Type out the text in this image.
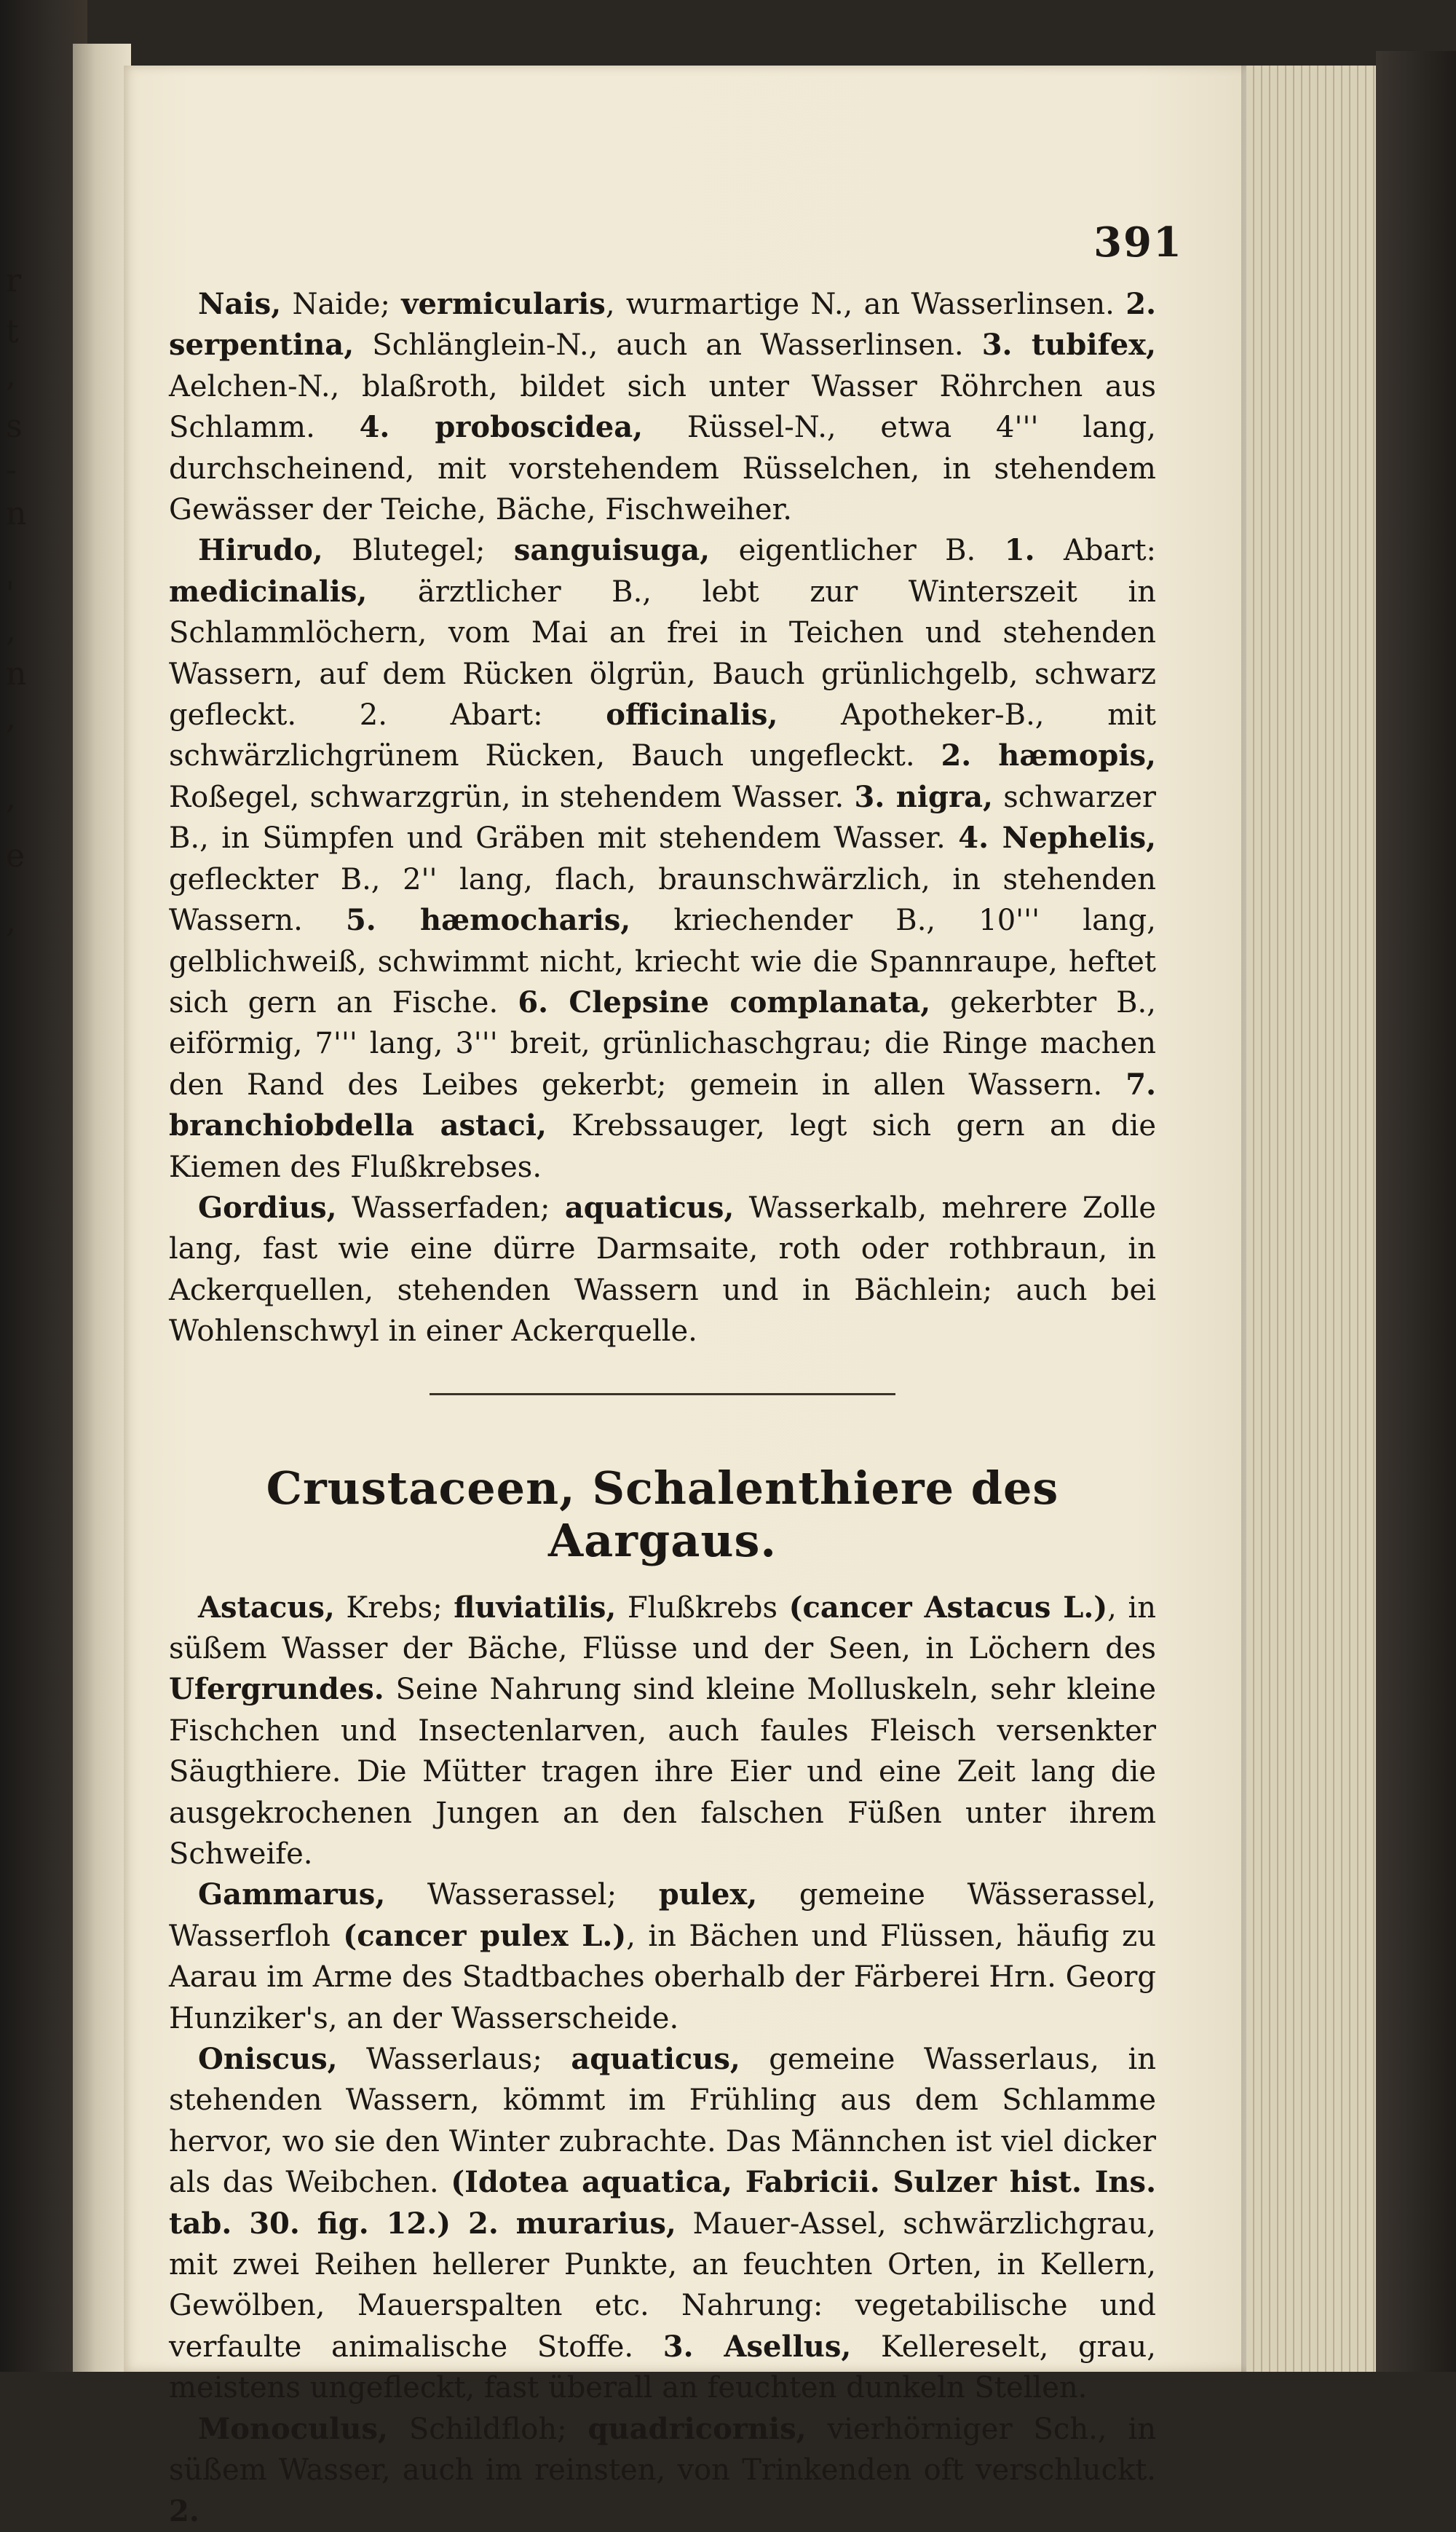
r
t
,
s
-
n
'
,
n
,
,
e
,
391

Nais, Naide; vermicularis, wurmartige N., an Wasserlinsen. 2. serpentina, Schlänglein-N., auch an Wasserlinsen. 3. tubifex, Aelchen-N., blaßroth, bildet sich unter Wasser Röhrchen aus Schlamm. 4. proboscidea, Rüssel-N., etwa 4''' lang, durchscheinend, mit vorstehendem Rüsselchen, in stehendem Gewässer der Teiche, Bäche, Fischweiher.

Hirudo, Blutegel; sanguisuga, eigentlicher B. 1. Abart: medicinalis, ärztlicher B., lebt zur Winterszeit in Schlammlöchern, vom Mai an frei in Teichen und stehenden Wassern, auf dem Rücken ölgrün, Bauch grünlichgelb, schwarz gefleckt. 2. Abart: officinalis, Apotheker-B., mit schwärzlichgrünem Rücken, Bauch ungefleckt. 2. hæmopis, Roßegel, schwarzgrün, in stehendem Wasser. 3. nigra, schwarzer B., in Sümpfen und Gräben mit stehendem Wasser. 4. Nephelis, gefleckter B., 2'' lang, flach, braunschwärzlich, in stehenden Wassern. 5. hæmocharis, kriechender B., 10''' lang, gelblichweiß, schwimmt nicht, kriecht wie die Spannraupe, heftet sich gern an Fische. 6. Clepsine complanata, gekerbter B., eiförmig, 7''' lang, 3''' breit, grünlichaschgrau; die Ringe machen den Rand des Leibes gekerbt; gemein in allen Wassern. 7. branchiobdella astaci, Krebssauger, legt sich gern an die Kiemen des Flußkrebses.

Gordius, Wasserfaden; aquaticus, Wasserkalb, mehrere Zolle lang, fast wie eine dürre Darmsaite, roth oder rothbraun, in Ackerquellen, stehenden Wassern und in Bächlein; auch bei Wohlenschwyl in einer Ackerquelle.

Crustaceen, Schalenthiere des Aargaus.

Astacus, Krebs; fluviatilis, Flußkrebs (cancer Astacus L.), in süßem Wasser der Bäche, Flüsse und der Seen, in Löchern des Ufergrundes. Seine Nahrung sind kleine Molluskeln, sehr kleine Fischchen und Insectenlarven, auch faules Fleisch versenkter Säugthiere. Die Mütter tragen ihre Eier und eine Zeit lang die ausgekrochenen Jungen an den falschen Füßen unter ihrem Schweife.

Gammarus, Wasserassel; pulex, gemeine Wässerassel, Wasserfloh (cancer pulex L.), in Bächen und Flüssen, häufig zu Aarau im Arme des Stadtbaches oberhalb der Färberei Hrn. Georg Hunziker's, an der Wasserscheide.

Oniscus, Wasserlaus; aquaticus, gemeine Wasserlaus, in stehenden Wassern, kömmt im Frühling aus dem Schlamme hervor, wo sie den Winter zubrachte. Das Männchen ist viel dicker als das Weibchen. (Idotea aquatica, Fabricii. Sulzer hist. Ins. tab. 30. fig. 12.) 2. murarius, Mauer-Assel, schwärzlichgrau, mit zwei Reihen hellerer Punkte, an feuchten Orten, in Kellern, Gewölben, Mauerspalten etc. Nahrung: vegetabilische und verfaulte animalische Stoffe. 3. Asellus, Kellereselt, grau, meistens ungefleckt, fast überall an feuchten dunkeln Stellen.

Monoculus, Schildfloh; quadricornis, vierhörniger Sch., in süßem Wasser, auch im reinsten, von Trinkenden oft verschluckt. 2.
